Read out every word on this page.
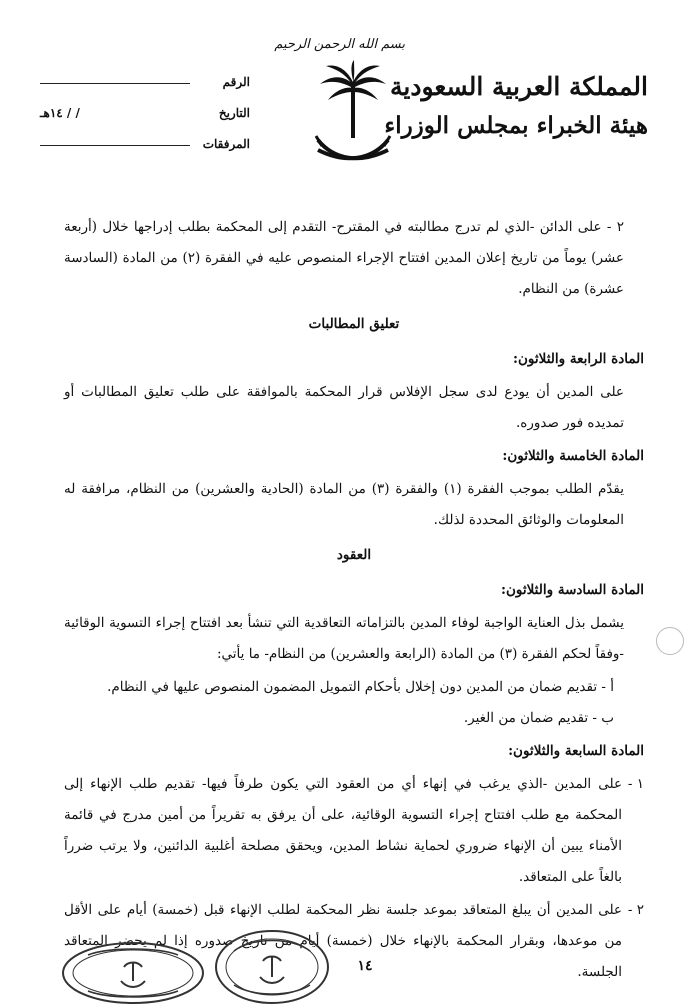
بسم الله الرحمن الرحيم
المملكة العربية السعودية
هيئة الخبراء بمجلس الوزراء
الرقم
التاريخ
/ / ١٤هـ
المرفقات

٢ - على الدائن -الذي لم تدرج مطالبته في المقترح- التقدم إلى المحكمة بطلب إدراجها خلال (أربعة عشر) يوماً من تاريخ إعلان المدين افتتاح الإجراء المنصوص عليه في الفقرة (٢) من المادة (السادسة عشرة) من النظام.

تعليق المطالبات
المادة الرابعة والثلاثون:

على المدين أن يودع لدى سجل الإفلاس قرار المحكمة بالموافقة على طلب تعليق المطالبات أو تمديده فور صدوره.

المادة الخامسة والثلاثون:

يقدّم الطلب بموجب الفقرة (١) والفقرة (٣) من المادة (الحادية والعشرين) من النظام، مرافقة له المعلومات والوثائق المحددة لذلك.

العقود
المادة السادسة والثلاثون:

يشمل بذل العناية الواجبة لوفاء المدين بالتزاماته التعاقدية التي تنشأ بعد افتتاح إجراء التسوية الوقائية -وفقاً لحكم الفقرة (٣) من المادة (الرابعة والعشرين) من النظام- ما يأتي:

أ - تقديم ضمان من المدين دون إخلال بأحكام التمويل المضمون المنصوص عليها في النظام.

ب - تقديم ضمان من الغير.

المادة السابعة والثلاثون:

١ -
على المدين -الذي يرغب في إنهاء أي من العقود التي يكون طرفاً فيها- تقديم طلب الإنهاء إلى المحكمة مع طلب افتتاح إجراء التسوية الوقائية، على أن يرفق به تقريراً من أمين مدرج في قائمة الأمناء يبين أن الإنهاء ضروري لحماية نشاط المدين، ويحقق مصلحة أغلبية الدائنين، ولا يرتب ضرراً بالغاً على المتعاقد.

٢ -
على المدين أن يبلغ المتعاقد بموعد جلسة نظر المحكمة لطلب الإنهاء قبل (خمسة) أيام على الأقل من موعدها، وبقرار المحكمة بالإنهاء خلال (خمسة) أيام من تاريخ صدوره إذا لم يحضر المتعاقد الجلسة.

١٤
